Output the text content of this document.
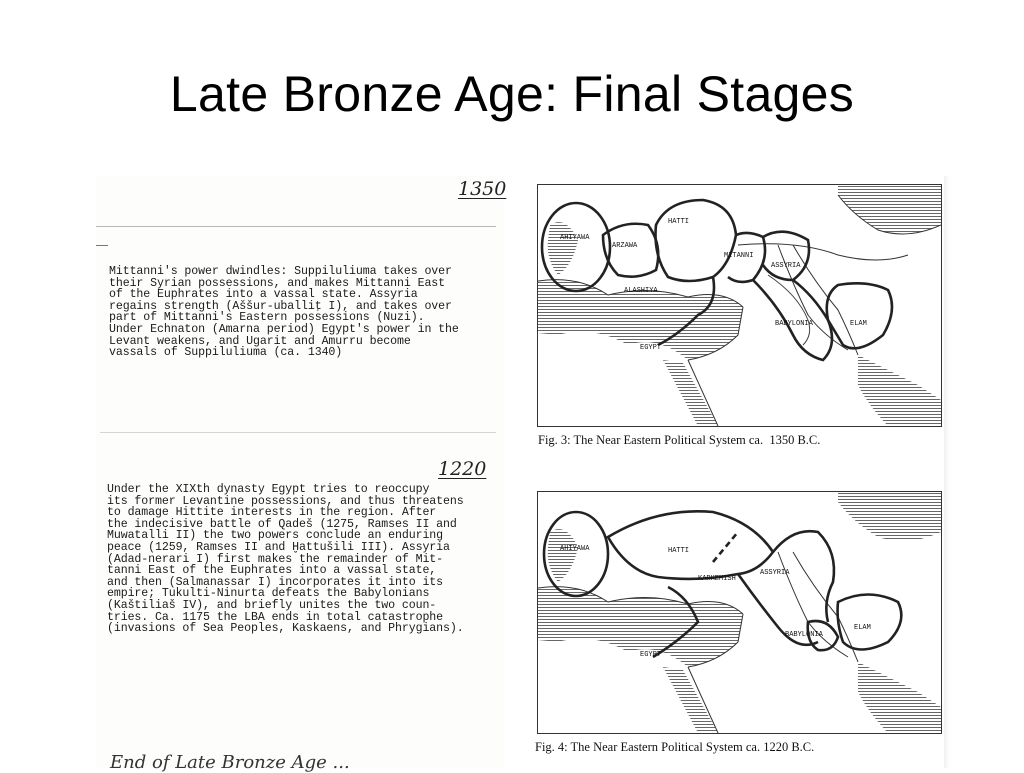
Late Bronze Age: Final Stages
1350
Mittanni's power dwindles: Suppiluliuma takes over
their Syrian possessions, and makes Mittanni East
of the Euphrates into a vassal state. Assyria
regains strength (Aššur-uballiṭ I), and takes over
part of Mittanni's Eastern possessions (Nuzi).
Under Echnaton (Amarna period) Egypt's power in the
Levant weakens, and Ugarit and Amurru become
vassals of Suppiluliuma (ca. 1340)
1220
Under the XIXth dynasty Egypt tries to reoccupy
its former Levantine possessions, and thus threatens
to damage Hittite interests in the region. After
the indecisive battle of Qadeš (1275, Ramses II and
Muwatalli II) the two powers conclude an enduring
peace (1259, Ramses II and Ḫattušili III). Assyria
(Adad-nerari I) first makes the remainder of Mit-
tanni East of the Euphrates into a vassal state,
and then (Salmanassar I) incorporates it into its
empire; Tukulti-Ninurta defeats the Babylonians
(Kaštiliaš IV), and briefly unites the two coun-
tries. Ca. 1175 the LBA ends in total catastrophe
(invasions of Sea Peoples, Kaskaens, and Phrygians).
End of Late Bronze Age ...
AHIYAWA
ARZAWA
HATTI
MITANNI
ASSYRIA
ALASHIYA
BABYLONIA	ELAM
EGYPT
Fig. 3: The Near Eastern Political System ca.  1350 B.C.
AHIYAWA	HATTI
KARKEMISH
ASSYRIA
BABYLONIA
ELAM
EGYPT
Fig. 4: The Near Eastern Political System ca. 1220 B.C.
